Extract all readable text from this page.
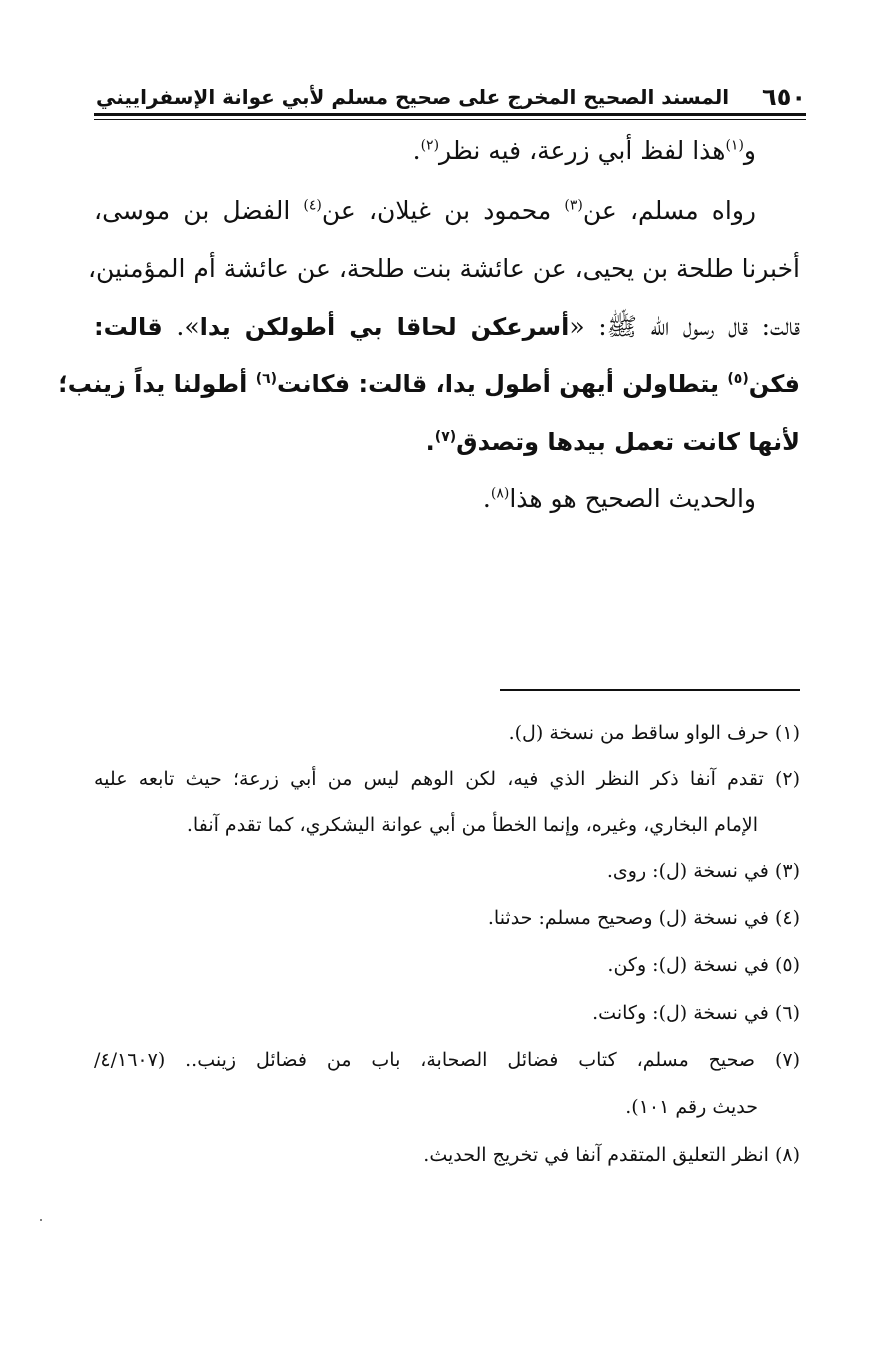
٦٥٠
المسند الصحيح المخرج على صحيح مسلم لأبي عوانة الإسفراييني
و$^{(١)}$هذا لفظ أبي زرعة، فيه نظر$^{(٢)}$.
رواه مسلم، عن$^{(٣)}$ محمود بن غيلان، عن$^{(٤)}$ الفضل بن موسى،
أخبرنا طلحة بن يحيى، عن عائشة بنت طلحة، عن عائشة أم المؤمنين،
قالت: قال رسول الله ﷺ: «أسرعكن لحاقا بي أطولكن يدا». قالت:
فكن$^{(٥)}$ يتطاولن أيهن أطول يدا، قالت: فكانت$^{(٦)}$ أطولنا يداً زينب؛
لأنها كانت تعمل بيدها وتصدق$^{(٧)}$.
والحديث الصحيح هو هذا$^{(٨)}$.
(١) حرف الواو ساقط من نسخة (ل).
(٢) تقدم آنفا ذكر النظر الذي فيه، لكن الوهم ليس من أبي زرعة؛ حيث تابعه عليه
الإمام البخاري، وغيره، وإنما الخطأ من أبي عوانة اليشكري، كما تقدم آنفا.
(٣) في نسخة (ل): روى.
(٤) في نسخة (ل) وصحيح مسلم: حدثنا.
(٥) في نسخة (ل): وكن.
(٦) في نسخة (ل): وكانت.
(٧) صحيح مسلم، كتاب فضائل الصحابة، باب من فضائل زينب.. (٤/١٦٠٧/
حديث رقم ١٠١).
(٨) انظر التعليق المتقدم آنفا في تخريج الحديث.
